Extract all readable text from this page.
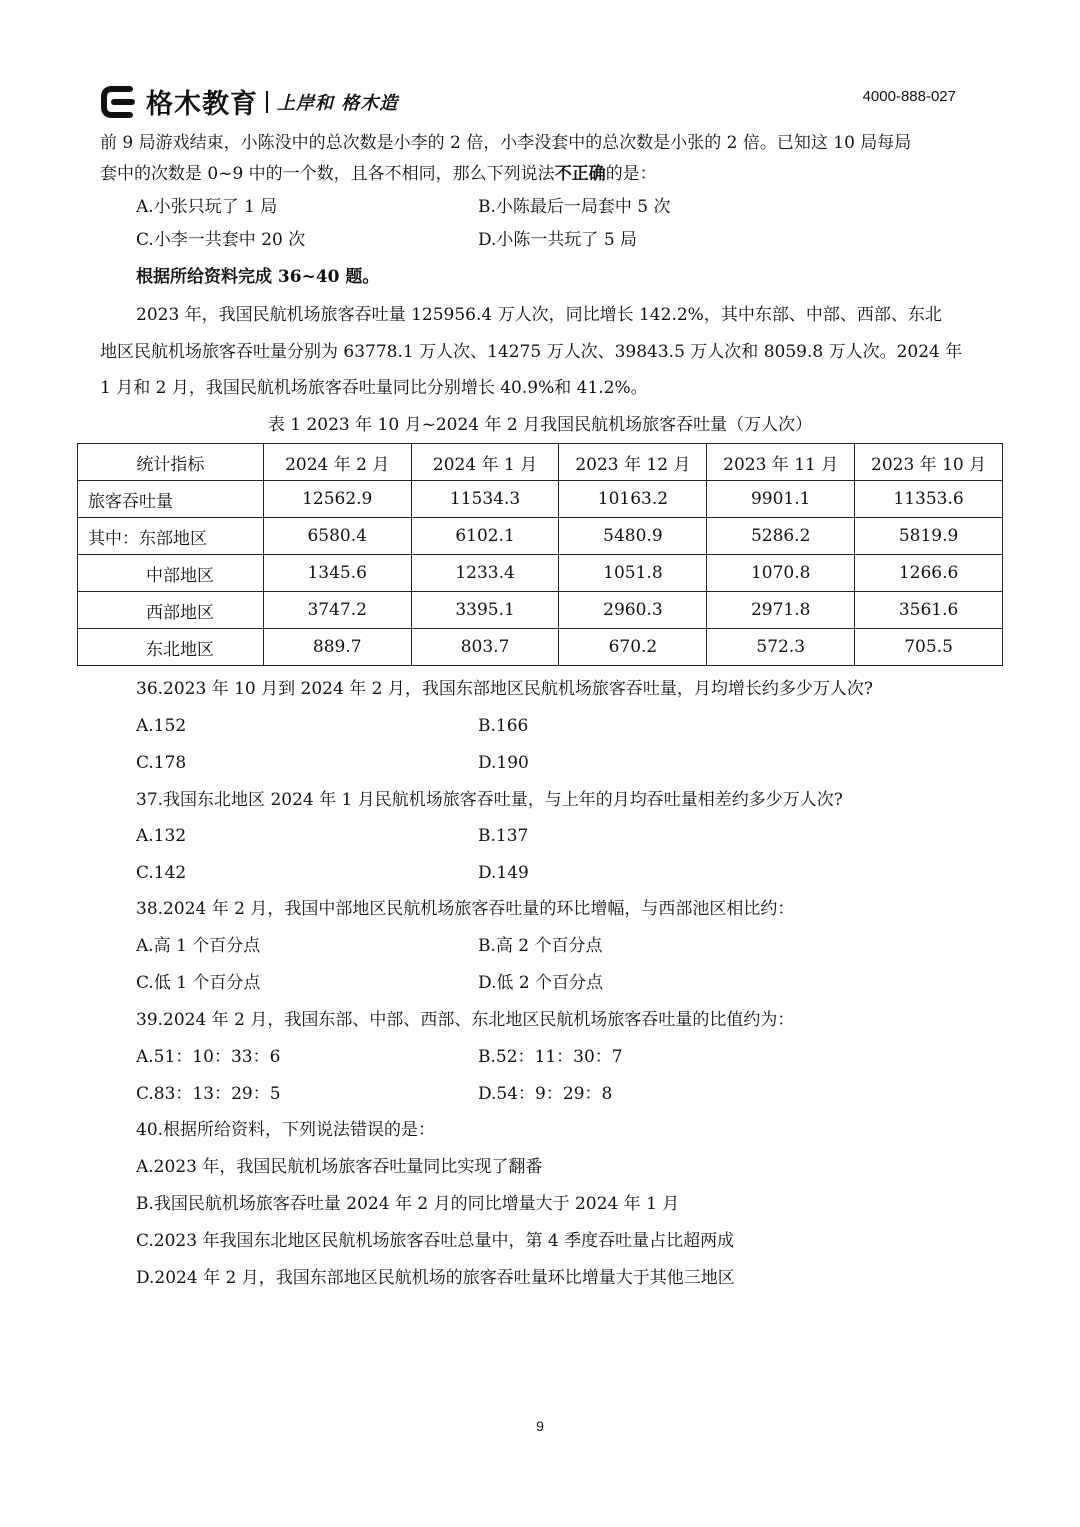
格木教育 上岸和 格木造	4000-888-027
前 9 局游戏结束，小陈没中的总次数是小李的 2 倍，小李没套中的总次数是小张的 2 倍。已知这 10 局每局
套中的次数是 0~9 中的一个数，且各不相同，那么下列说法不正确的是：
A.小张只玩了 1 局	B.小陈最后一局套中 5 次
C.小李一共套中 20 次	D.小陈一共玩了 5 局
根据所给资料完成 36~40 题。
2023 年，我国民航机场旅客吞吐量 125956.4 万人次，同比增长 142.2%，其中东部、中部、西部、东北
地区民航机场旅客吞吐量分别为 63778.1 万人次、14275 万人次、39843.5 万人次和 8059.8 万人次。2024 年
1 月和 2 月，我国民航机场旅客吞吐量同比分别增长 40.9%和 41.2%。
表 1 2023 年 10 月~2024 年 2 月我国民航机场旅客吞吐量（万人次）
统计指标	2024 年 2 月	2024 年 1 月	2023 年 12 月	2023 年 11 月	2023 年 10 月
旅客吞吐量	12562.9	11534.3	10163.2	9901.1	11353.6
其中：东部地区	6580.4	6102.1	5480.9	5286.2	5819.9
中部地区	1345.6	1233.4	1051.8	1070.8	1266.6
西部地区	3747.2	3395.1	2960.3	2971.8	3561.6
东北地区	889.7	803.7	670.2	572.3	705.5
36.2023 年 10 月到 2024 年 2 月，我国东部地区民航机场旅客吞吐量，月均增长约多少万人次?
A.152	B.166
C.178	D.190
37.我国东北地区 2024 年 1 月民航机场旅客吞吐量，与上年的月均吞吐量相差约多少万人次?
A.132	B.137
C.142	D.149
38.2024 年 2 月，我国中部地区民航机场旅客吞吐量的环比增幅，与西部池区相比约：
A.高 1 个百分点	B.高 2 个百分点
C.低 1 个百分点	D.低 2 个百分点
39.2024 年 2 月，我国东部、中部、西部、东北地区民航机场旅客吞吐量的比值约为：
A.51：10：33：6	B.52：11：30：7
C.83：13：29：5	D.54：9：29：8
40.根据所给资料，下列说法错误的是：
A.2023 年，我国民航机场旅客吞吐量同比实现了翻番
B.我国民航机场旅客吞吐量 2024 年 2 月的同比增量大于 2024 年 1 月
C.2023 年我国东北地区民航机场旅客吞吐总量中，第 4 季度吞吐量占比超两成
D.2024 年 2 月，我国东部地区民航机场的旅客吞吐量环比增量大于其他三地区
9
